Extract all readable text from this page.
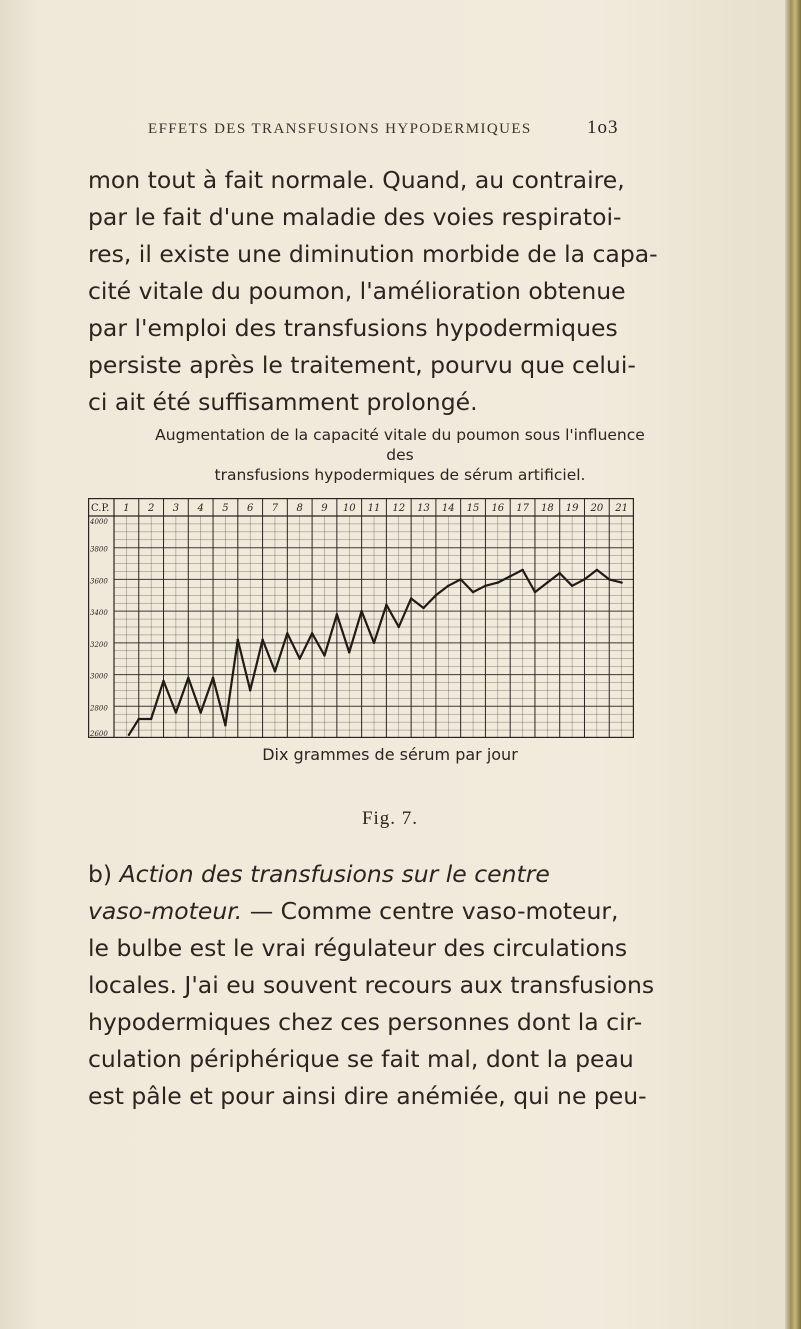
EFFETS DES TRANSFUSIONS HYPODERMIQUES	1o3
mon tout à fait normale. Quand, au contraire,
par le fait d'une maladie des voies respiratoi-
res, il existe une diminution morbide de la capa-
cité vitale du poumon, l'amélioration obtenue
par l'emploi des transfusions hypodermiques
persiste après le traitement, pourvu que celui-
ci ait été suffisamment prolongé.
Augmentation de la capacité vitale du poumon sous l'influence des
transfusions hypodermiques de sérum artificiel.
C.P. 1 2 3 4 5 6 7 8 9 10 11 12 13 14 15 16 17 18 19 20 21
4000
3800
3600
3400
3200
3000
2800
2600
Dix grammes de sérum par jour
Fig. 7.
b) Action des transfusions sur le centre
vaso-moteur. — Comme centre vaso-moteur,
le bulbe est le vrai régulateur des circulations
locales. J'ai eu souvent recours aux transfusions
hypodermiques chez ces personnes dont la cir-
culation périphérique se fait mal, dont la peau
est pâle et pour ainsi dire anémiée, qui ne peu-
